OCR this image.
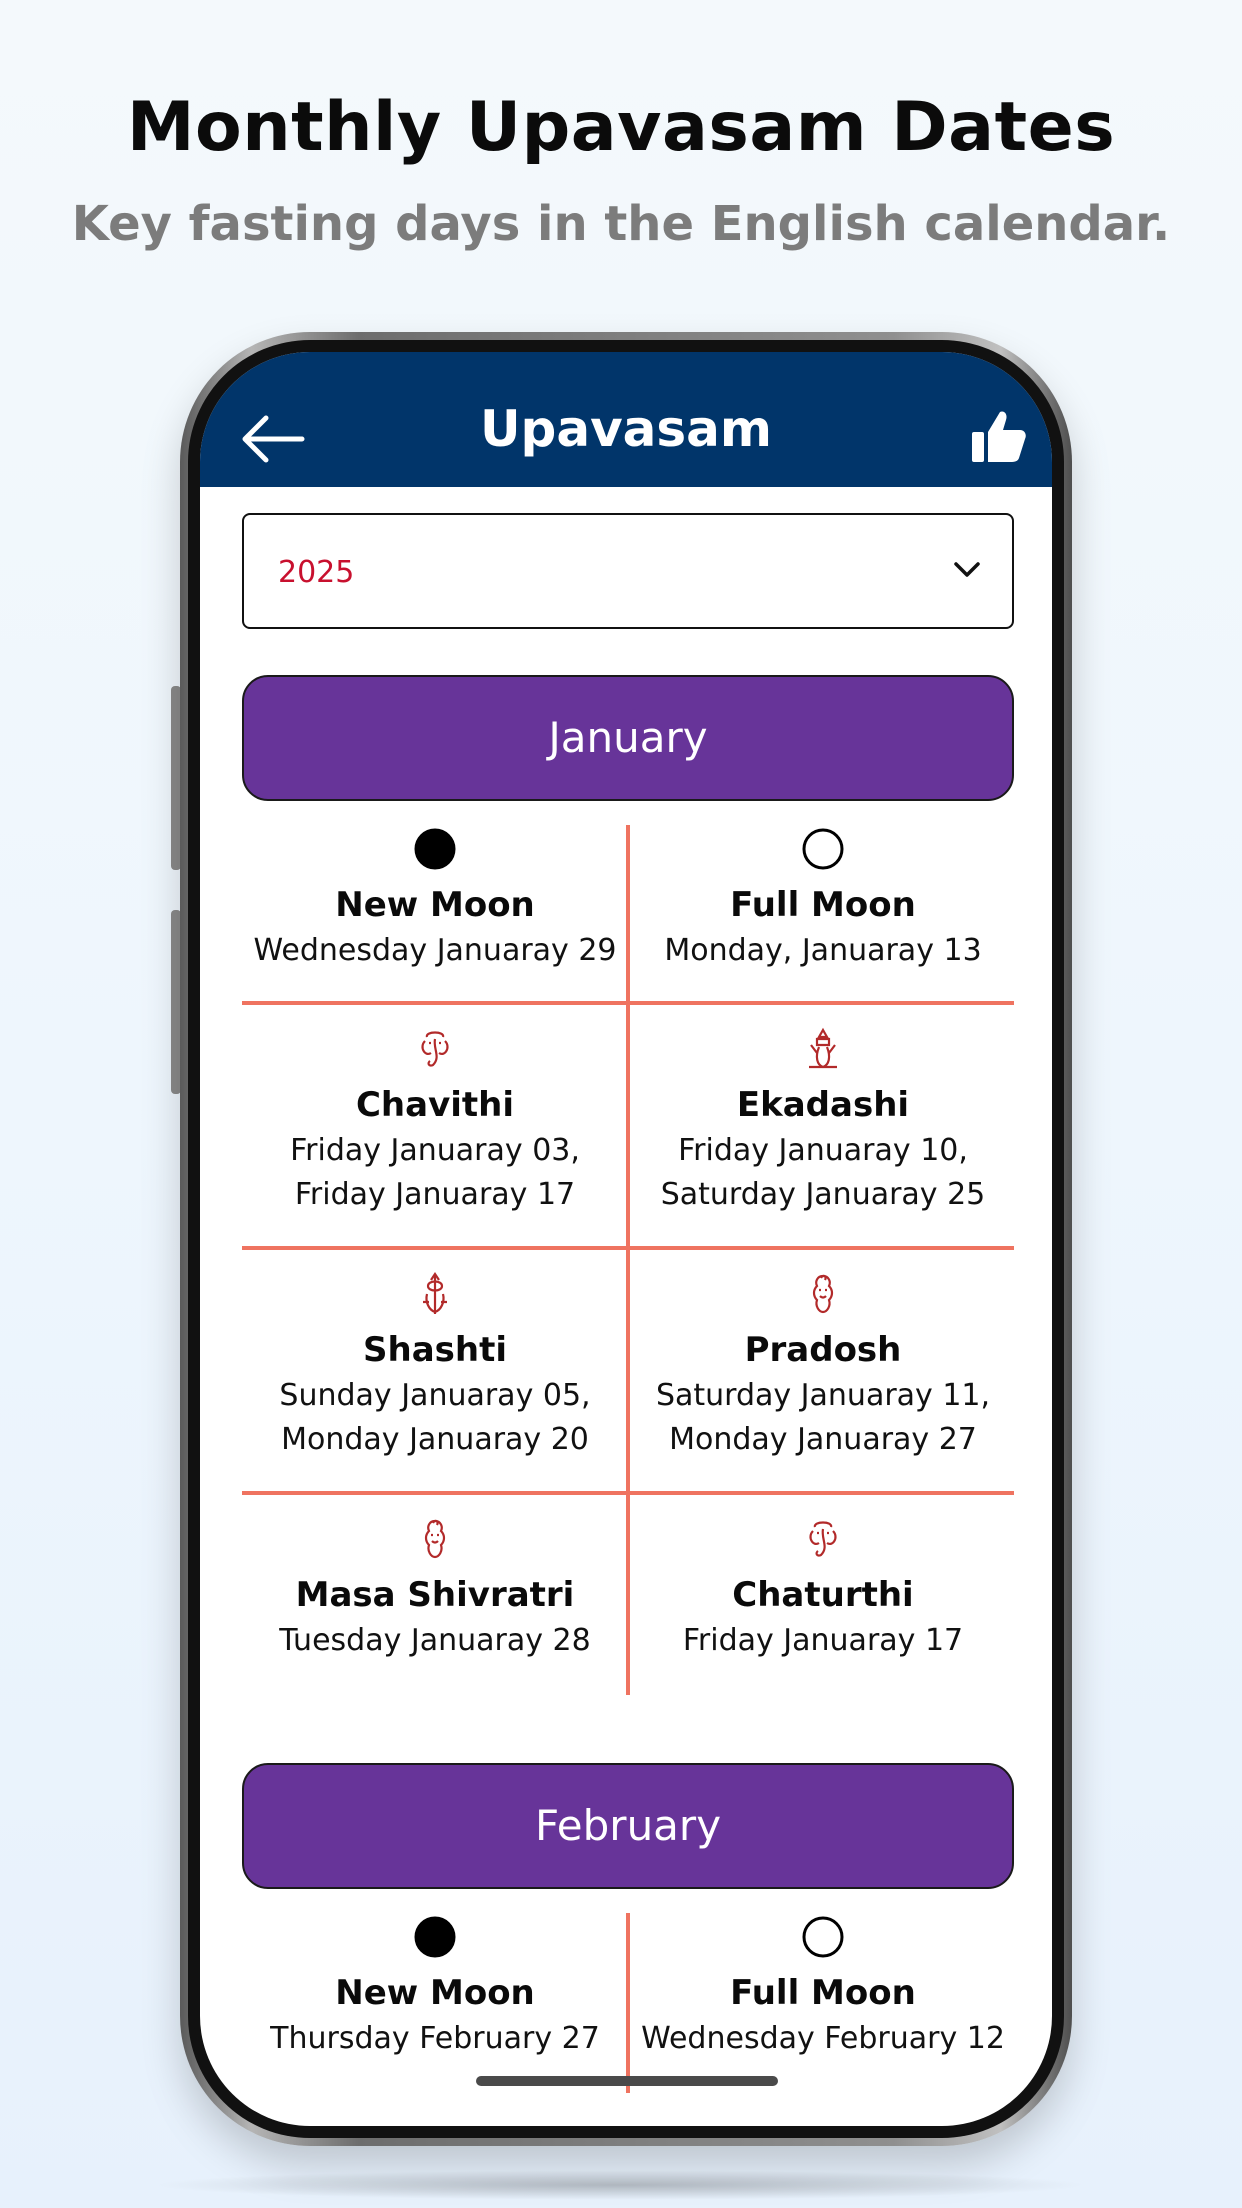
Monthly Upavasam Dates

Key fasting days in the English calendar.

Upavasam
2025
January
New Moon
Wednesday Januaray 29
Full Moon
Monday, Januaray 13
Chavithi
Friday Januaray 03,
Friday Januaray 17
Ekadashi
Friday Januaray 10,
Saturday Januaray 25
Shashti
Sunday Januaray 05,
Monday Januaray 20
Pradosh
Saturday Januaray 11,
Monday Januaray 27
Masa Shivratri
Tuesday Januaray 28
Chaturthi
Friday Januaray 17
February
New Moon
Thursday February 27
Full Moon
Wednesday February 12
